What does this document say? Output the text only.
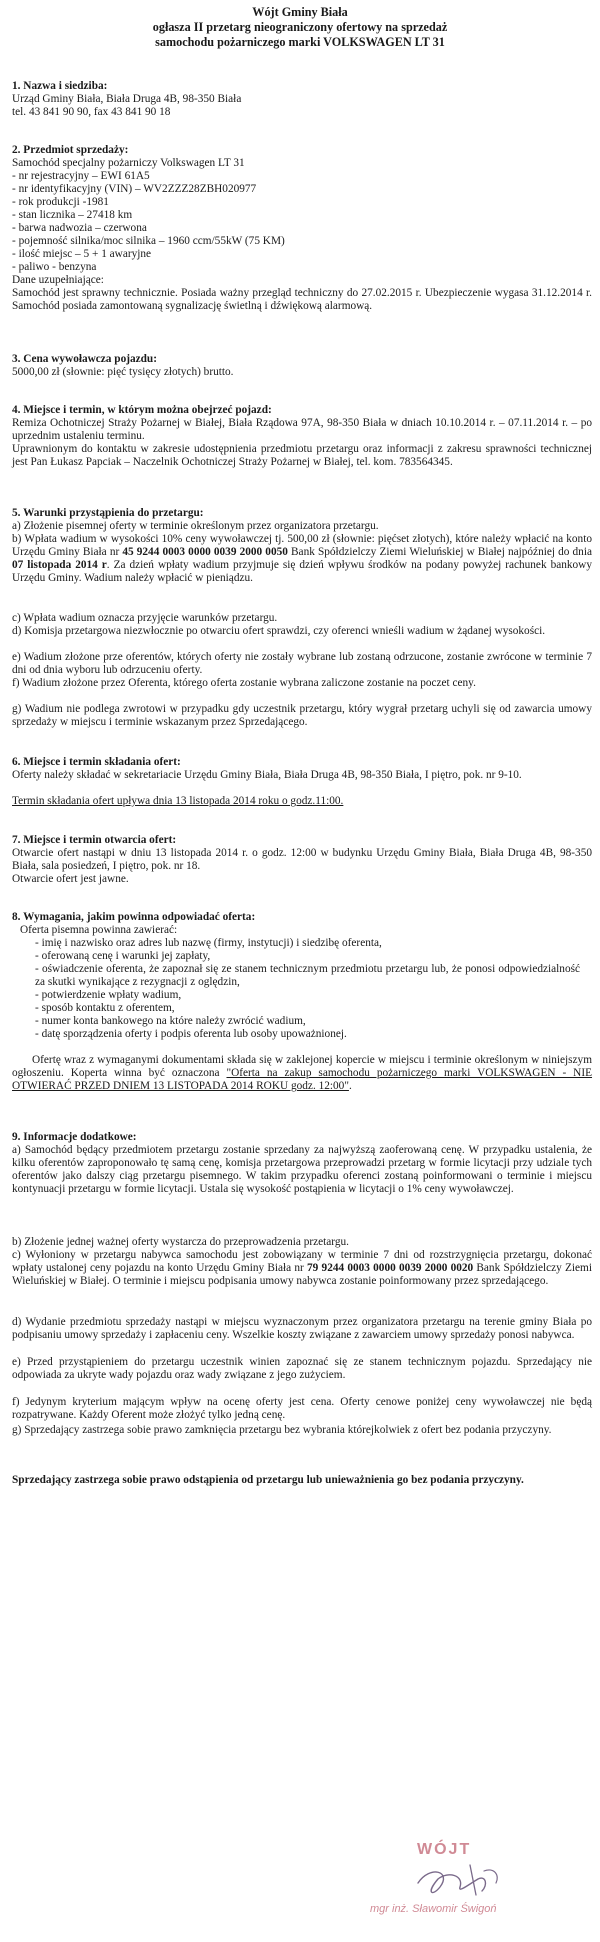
Wójt Gminy Biała
ogłasza II przetarg nieograniczony ofertowy na sprzedaż
samochodu pożarniczego marki VOLKSWAGEN LT 31

1. Nazwa i siedziba:

Urząd Gminy Biała, Biała Druga 4B, 98-350 Biała

tel. 43 841 90 90, fax 43 841 90 18

2. Przedmiot sprzedaży:

Samochód specjalny pożarniczy Volkswagen LT 31

- nr rejestracyjny – EWI 61A5

- nr identyfikacyjny (VIN) – WV2ZZZ28ZBH020977

- rok produkcji -1981

- stan licznika – 27418 km

- barwa nadwozia – czerwona

- pojemność silnika/moc silnika – 1960 ccm/55kW (75 KM)

- ilość miejsc – 5 + 1 awaryjne

- paliwo - benzyna

Dane uzupełniające:

Samochód jest sprawny technicznie. Posiada ważny przegląd techniczny do 27.02.2015 r. Ubezpieczenie wygasa 31.12.2014 r. Samochód posiada zamontowaną sygnalizację świetlną i dźwiękową alarmową.

3. Cena wywoławcza pojazdu:

5000,00 zł (słownie: pięć tysięcy złotych) brutto.

4. Miejsce i termin, w którym można obejrzeć pojazd:

Remiza Ochotniczej Straży Pożarnej w Białej, Biała Rządowa 97A, 98-350 Biała w dniach 10.10.2014 r. – 07.11.2014 r. – po uprzednim ustaleniu terminu.

Uprawnionym do kontaktu w zakresie udostępnienia przedmiotu przetargu oraz informacji z zakresu sprawności technicznej jest Pan Łukasz Papciak – Naczelnik Ochotniczej Straży Pożarnej w Białej, tel. kom. 783564345.

5. Warunki przystąpienia do przetargu:

a) Złożenie pisemnej oferty w terminie określonym przez organizatora przetargu.

b) Wpłata wadium w wysokości 10% ceny wywoławczej tj. 500,00 zł (słownie: pięćset złotych), które należy wpłacić na konto Urzędu Gminy Biała nr 45 9244 0003 0000 0039 2000 0050 Bank Spółdzielczy Ziemi Wieluńskiej w Białej najpóźniej do dnia 07 listopada 2014 r. Za dzień wpłaty wadium przyjmuje się dzień wpływu środków na podany powyżej rachunek bankowy Urzędu Gminy. Wadium należy wpłacić w pieniądzu.

c) Wpłata wadium oznacza przyjęcie warunków przetargu.

d) Komisja przetargowa niezwłocznie po otwarciu ofert sprawdzi, czy oferenci wnieśli wadium w żądanej wysokości.

e) Wadium złożone prze oferentów, których oferty nie zostały wybrane lub zostaną odrzucone, zostanie zwrócone w terminie 7 dni od dnia wyboru lub odrzuceniu oferty.

f) Wadium złożone przez Oferenta, którego oferta zostanie wybrana zaliczone zostanie na poczet ceny.

g) Wadium nie podlega zwrotowi w przypadku gdy uczestnik przetargu, który wygrał przetarg uchyli się od zawarcia umowy sprzedaży w miejscu i terminie wskazanym przez Sprzedającego.

6. Miejsce i termin składania ofert:

Oferty należy składać w sekretariacie Urzędu Gminy Biała, Biała Druga 4B, 98-350 Biała, I piętro, pok. nr 9-10.

Termin składania ofert upływa dnia 13 listopada 2014 roku o godz.11:00.

7. Miejsce i termin otwarcia ofert:

Otwarcie ofert nastąpi w dniu 13 listopada 2014 r. o godz. 12:00 w budynku Urzędu Gminy Biała, Biała Druga 4B, 98-350 Biała, sala posiedzeń, I piętro, pok. nr 18.

Otwarcie ofert jest jawne.

8. Wymagania, jakim powinna odpowiadać oferta:

Oferta pisemna powinna zawierać:

- imię i nazwisko oraz adres lub nazwę (firmy, instytucji) i siedzibę oferenta,

- oferowaną cenę i warunki jej zapłaty,

- oświadczenie oferenta, że zapoznał się ze stanem technicznym przedmiotu przetargu lub, że ponosi odpowiedzialność za skutki wynikające z rezygnacji z oględzin,

- potwierdzenie wpłaty wadium,

- sposób kontaktu z oferentem,

- numer konta bankowego na które należy zwrócić wadium,

- datę sporządzenia oferty i podpis oferenta lub osoby upoważnionej.

Ofertę wraz z wymaganymi dokumentami składa się w zaklejonej kopercie w miejscu i terminie określonym w niniejszym ogłoszeniu. Koperta winna być oznaczona "Oferta na zakup samochodu pożarniczego marki VOLKSWAGEN - NIE OTWIERAĆ PRZED DNIEM 13 LISTOPADA 2014 ROKU godz. 12:00".

9. Informacje dodatkowe:

a) Samochód będący przedmiotem przetargu zostanie sprzedany za najwyższą zaoferowaną cenę. W przypadku ustalenia, że kilku oferentów zaproponowało tę samą cenę, komisja przetargowa przeprowadzi przetarg w formie licytacji przy udziale tych oferentów jako dalszy ciąg przetargu pisemnego. W takim przypadku oferenci zostaną poinformowani o terminie i miejscu kontynuacji przetargu w formie licytacji. Ustala się wysokość postąpienia w licytacji o 1% ceny wywoławczej.

b) Złożenie jednej ważnej oferty wystarcza do przeprowadzenia przetargu.

c) Wyłoniony w przetargu nabywca samochodu jest zobowiązany w terminie 7 dni od rozstrzygnięcia przetargu, dokonać wpłaty ustalonej ceny pojazdu na konto Urzędu Gminy Biała nr 79 9244 0003 0000 0039 2000 0020 Bank Spółdzielczy Ziemi Wieluńskiej w Białej. O terminie i miejscu podpisania umowy nabywca zostanie poinformowany przez sprzedającego.

d) Wydanie przedmiotu sprzedaży nastąpi w miejscu wyznaczonym przez organizatora przetargu na terenie gminy Biała po podpisaniu umowy sprzedaży i zapłaceniu ceny. Wszelkie koszty związane z zawarciem umowy sprzedaży ponosi nabywca.

e) Przed przystąpieniem do przetargu uczestnik winien zapoznać się ze stanem technicznym pojazdu. Sprzedający nie odpowiada za ukryte wady pojazdu oraz wady związane z jego zużyciem.

f) Jedynym kryterium mającym wpływ na ocenę oferty jest cena. Oferty cenowe poniżej ceny wywoławczej nie będą rozpatrywane. Każdy Oferent może złożyć tylko jedną cenę.

g) Sprzedający zastrzega sobie prawo zamknięcia przetargu bez wybrania którejkolwiek z ofert bez podania przyczyny.

Sprzedający zastrzega sobie prawo odstąpienia od przetargu lub unieważnienia go bez podania przyczyny.

WÓJT
mgr inż. Sławomir Świgoń
